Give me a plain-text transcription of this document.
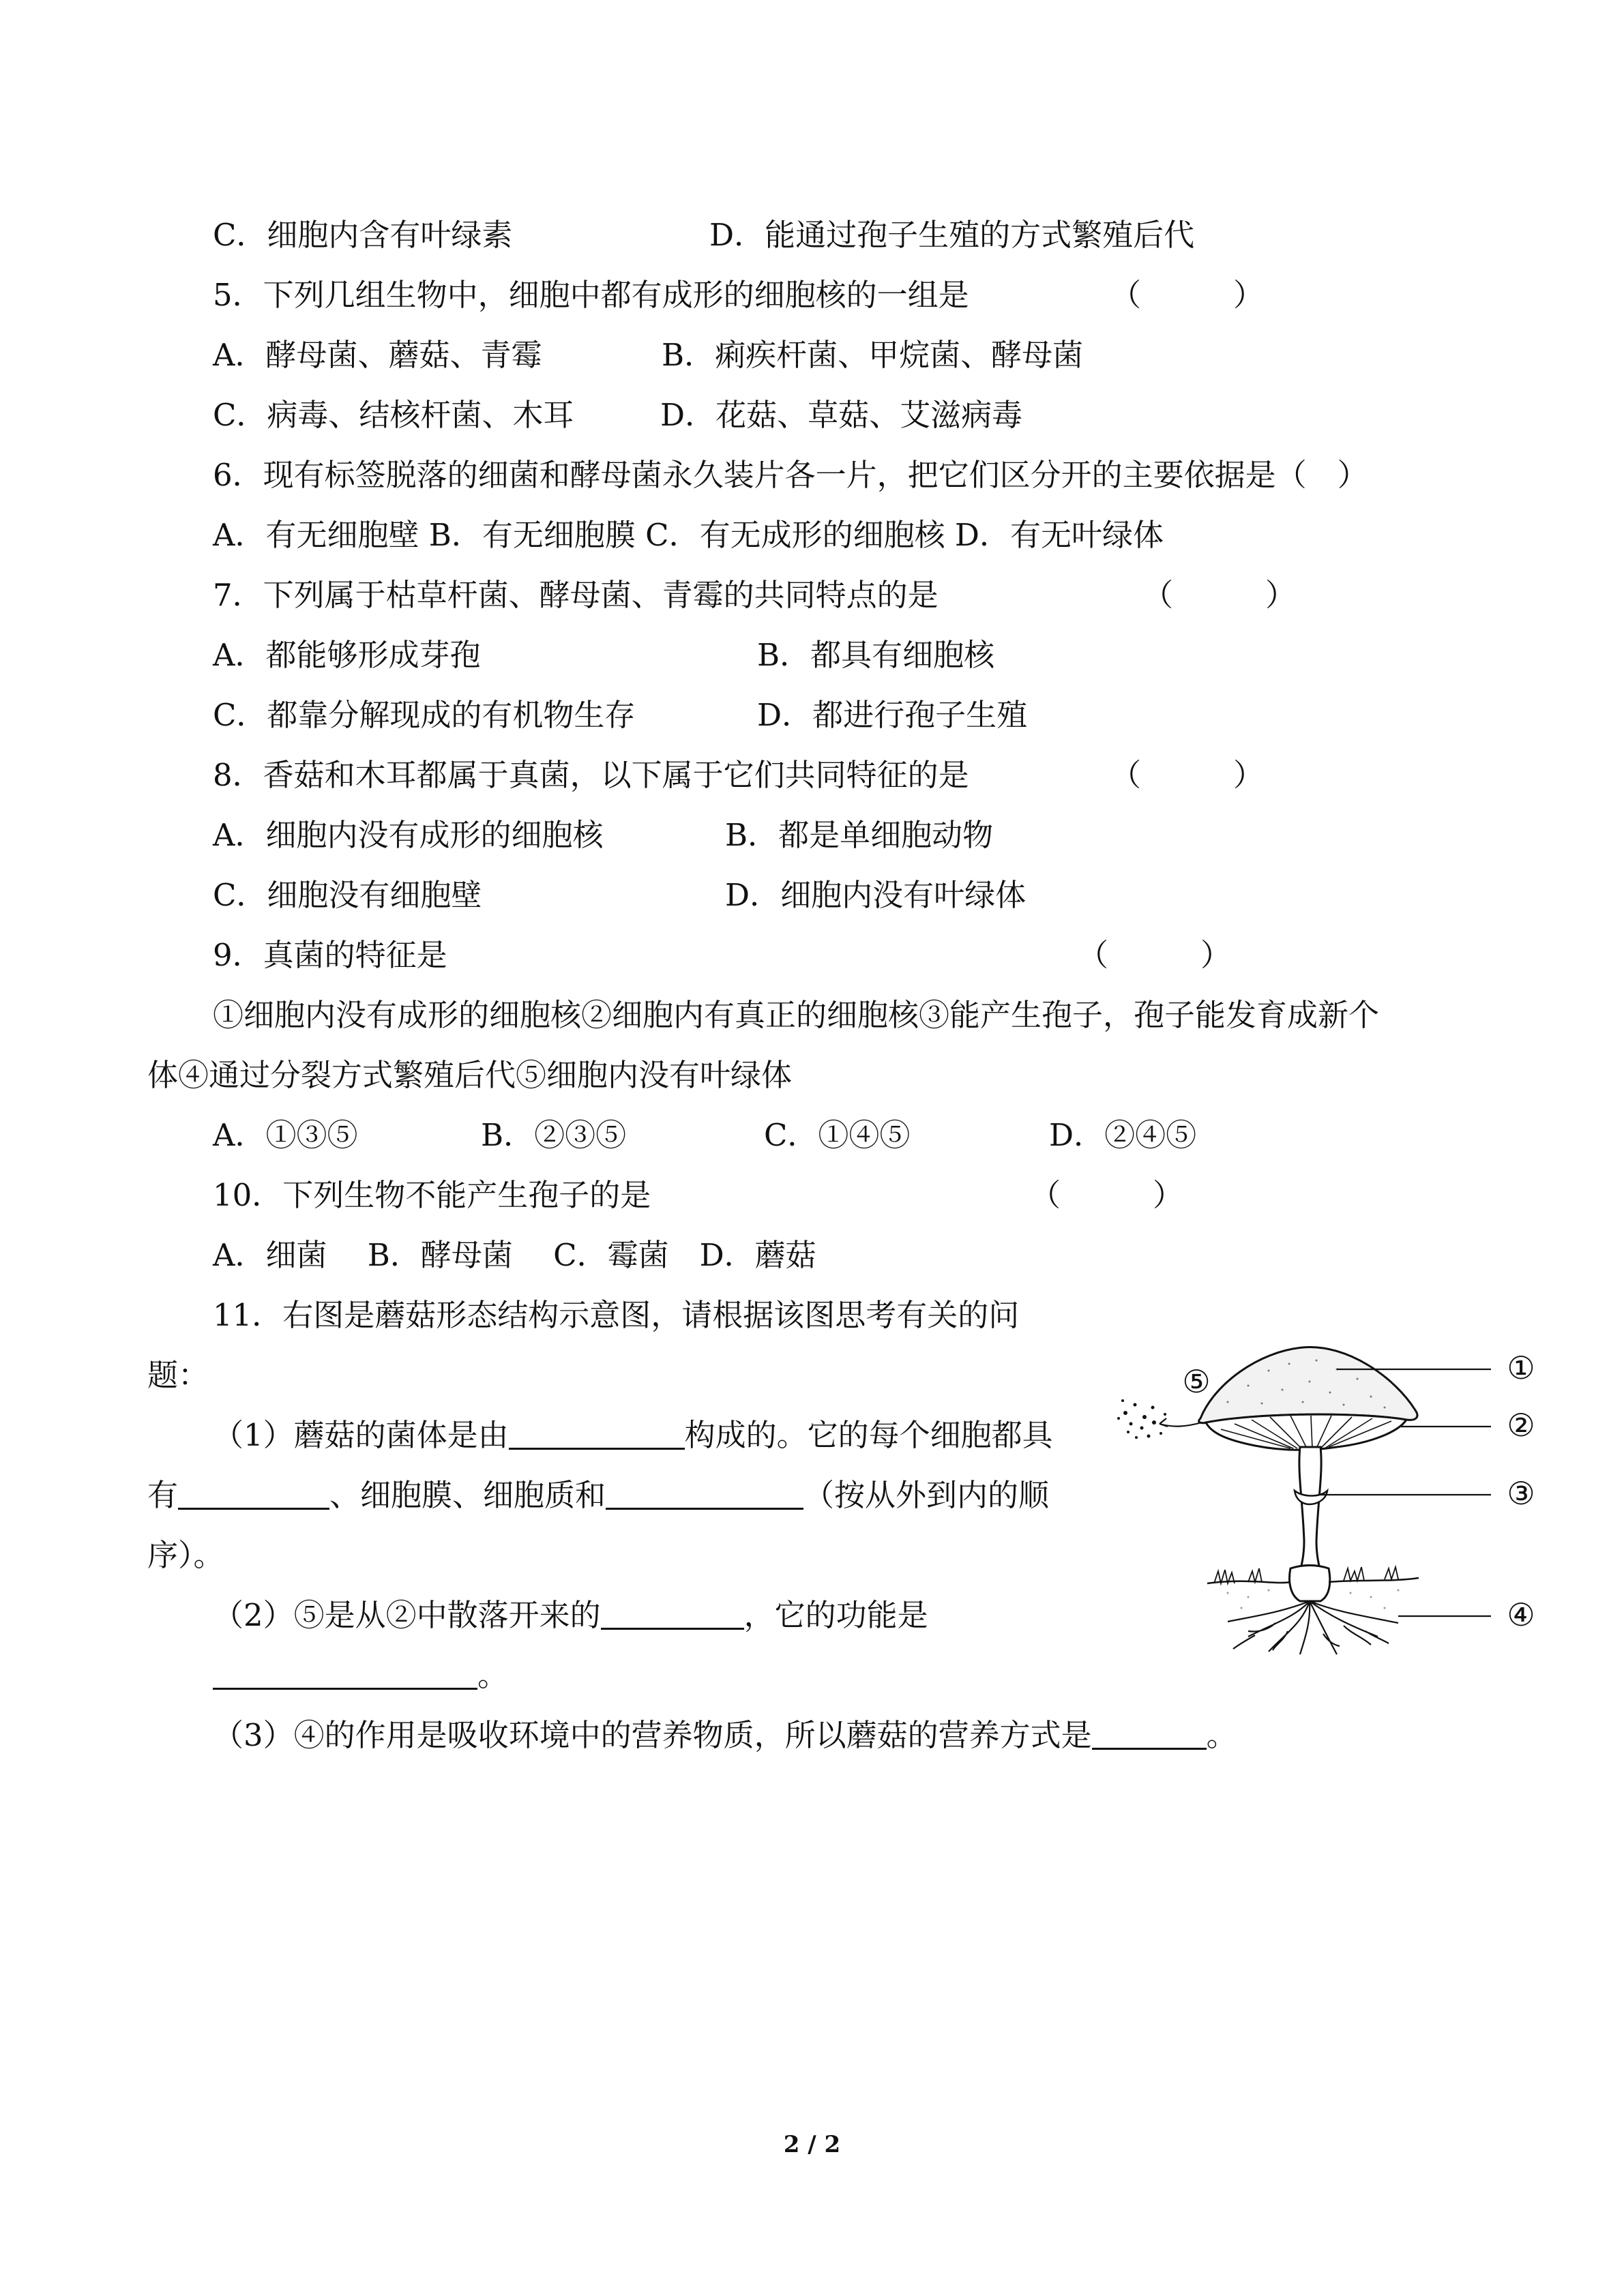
C．细胞内含有叶绿素	D．能通过孢子生殖的方式繁殖后代
5．下列几组生物中，细胞中都有成形的细胞核的一组是	（　　　）
A．酵母菌、蘑菇、青霉	B．痢疾杆菌、甲烷菌、酵母菌
C．病毒、结核杆菌、木耳	D．花菇、草菇、艾滋病毒
6．现有标签脱落的细菌和酵母菌永久装片各一片，把它们区分开的主要依据是（　）
A．有无细胞壁 B．有无细胞膜 C．有无成形的细胞核 D．有无叶绿体
7．下列属于枯草杆菌、酵母菌、青霉的共同特点的是	（　　　）
A．都能够形成芽孢	B．都具有细胞核
C．都靠分解现成的有机物生存	D．都进行孢子生殖
8．香菇和木耳都属于真菌，以下属于它们共同特征的是	（　　　）
A．细胞内没有成形的细胞核	B．都是单细胞动物
C．细胞没有细胞壁	D．细胞内没有叶绿体
9．真菌的特征是	（　　　）
①细胞内没有成形的细胞核②细胞内有真正的细胞核③能产生孢子，孢子能发育成新个
体④通过分裂方式繁殖后代⑤细胞内没有叶绿体
A．①③⑤	B．②③⑤	C．①④⑤	D．②④⑤
10．下列生物不能产生孢子的是	（　　　）
A．细菌　 B．酵母菌　 C．霉菌　D．蘑菇
11．右图是蘑菇形态结构示意图，请根据该图思考有关的问
题：
（1）蘑菇的菌体是由	构成的。它的每个细胞都具
有	、细胞膜、细胞质和	（按从外到内的顺
序）。
（2）⑤是从②中散落开来的	，它的功能是
。
（3）④的作用是吸收环境中的营养物质，所以蘑菇的营养方式是	。
①
②
③
④
⑤
2 / 2
